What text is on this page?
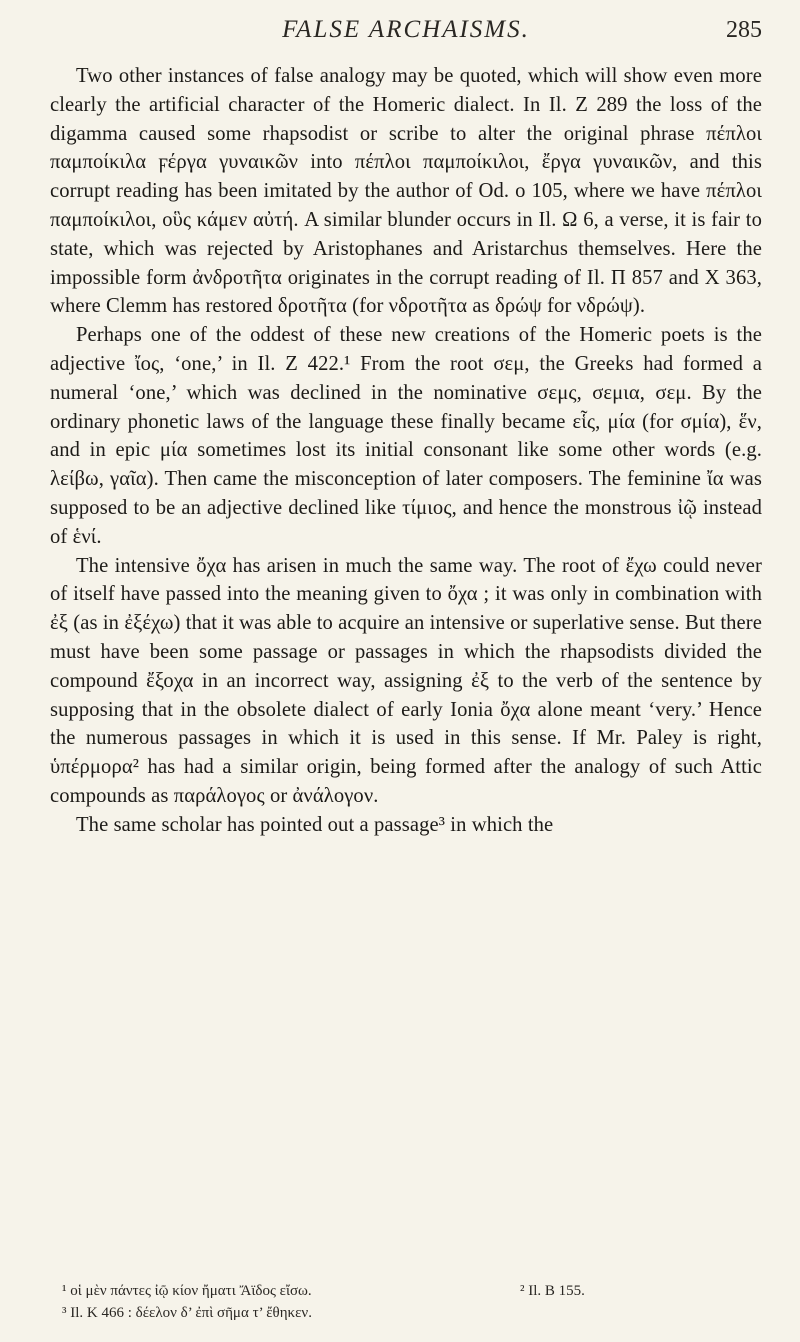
FALSE ARCHAISMS.	285

Two other instances of false analogy may be quoted, which will show even more clearly the artificial character of the Homeric dialect. In Il. Z 289 the loss of the digamma caused some rhapsodist or scribe to alter the original phrase πέπλοι παμποίκιλα ϝέργα γυναικῶν into πέπλοι παμποίκιλοι, ἔργα γυναικῶν, and this corrupt reading has been imitated by the author of Od. ο 105, where we have πέπλοι παμποίκιλοι, οὓς κάμεν αὐτή. A similar blunder occurs in Il. Ω 6, a verse, it is fair to state, which was rejected by Aristophanes and Aristarchus themselves. Here the impossible form ἀνδροτῆτα originates in the corrupt reading of Il. Π 857 and Χ 363, where Clemm has restored δροτῆτα (for νδροτῆτα as δρώψ for νδρώψ).

Perhaps one of the oddest of these new creations of the Homeric poets is the adjective ἴος, ‘one,’ in Il. Z 422.¹ From the root σεμ, the Greeks had formed a numeral ‘one,’ which was declined in the nominative σεμς, σεμια, σεμ. By the ordinary phonetic laws of the language these finally became εἷς, μία (for σμία), ἕν, and in epic μία sometimes lost its initial consonant like some other words (e.g. λείβω, γαῖα). Then came the misconception of later composers. The feminine ἴα was supposed to be an adjective declined like τίμιος, and hence the monstrous ἰῷ instead of ἑνί.

The intensive ὄχα has arisen in much the same way. The root of ἔχω could never of itself have passed into the meaning given to ὄχα ; it was only in combination with ἐξ (as in ἐξέχω) that it was able to acquire an intensive or superlative sense. But there must have been some passage or passages in which the rhapsodists divided the compound ἔξοχα in an incorrect way, assigning ἐξ to the verb of the sentence by supposing that in the obsolete dialect of early Ionia ὄχα alone meant ‘very.’ Hence the numerous passages in which it is used in this sense. If Mr. Paley is right, ὑπέρμορα² has had a similar origin, being formed after the analogy of such Attic compounds as παράλογος or ἀνάλογον.

The same scholar has pointed out a passage³ in which the

¹ οἱ μὲν πάντες ἰῷ κίον ἤματι Ἄϊδος εἴσω.	² Il. Β 155.
³ Il. Κ 466 : δέελον δ’ ἐπὶ σῆμα τ’ ἔθηκεν.
